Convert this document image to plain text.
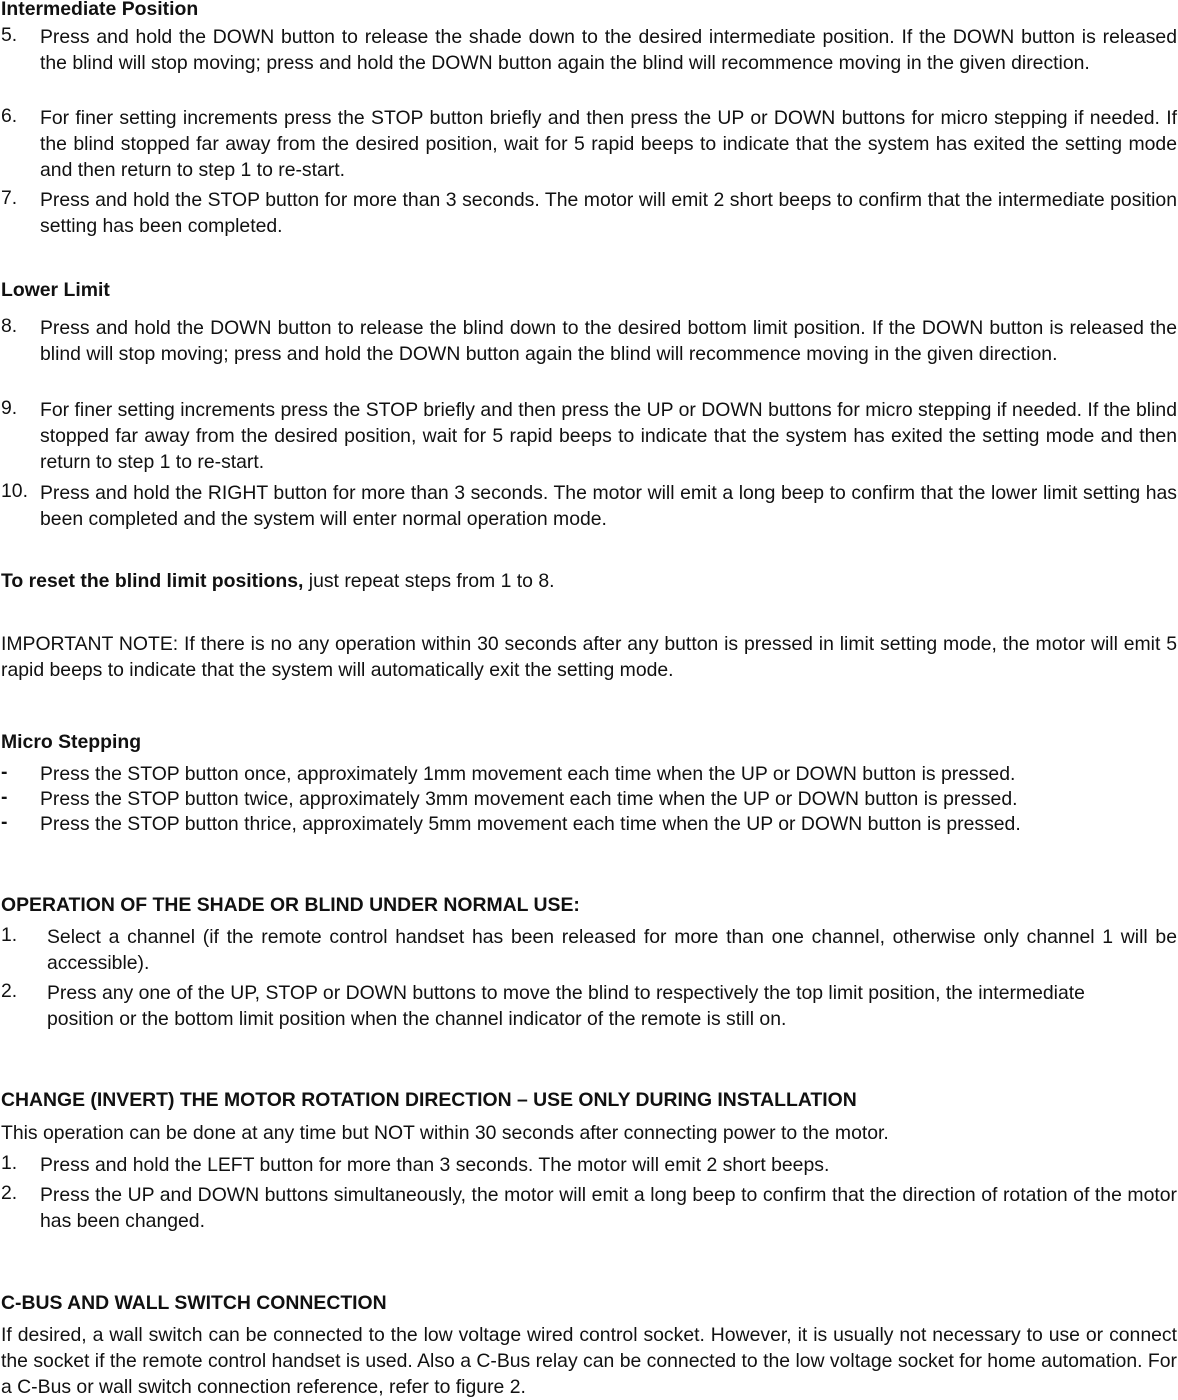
Intermediate Position
5. Press and hold the DOWN button to release the shade down to the desired intermediate position. If the DOWN button is released the blind will stop moving; press and hold the DOWN button again the blind will recommence moving in the given direction.
6. For finer setting increments press the STOP button briefly and then press the UP or DOWN buttons for micro stepping if needed. If the blind stopped far away from the desired position, wait for 5 rapid beeps to indicate that the system has exited the setting mode and then return to step 1 to re-start.
7. Press and hold the STOP button for more than 3 seconds. The motor will emit 2 short beeps to confirm that the intermediate position setting has been completed.
Lower Limit
8. Press and hold the DOWN button to release the blind down to the desired bottom limit position. If the DOWN button is released the blind will stop moving; press and hold the DOWN button again the blind will recommence moving in the given direction.
9. For finer setting increments press the STOP briefly and then press the UP or DOWN buttons for micro stepping if needed. If the blind stopped far away from the desired position, wait for 5 rapid beeps to indicate that the system has exited the setting mode and then return to step 1 to re-start.
10. Press and hold the RIGHT button for more than 3 seconds. The motor will emit a long beep to confirm that the lower limit setting has been completed and the system will enter normal operation mode.

To reset the blind limit positions, just repeat steps from 1 to 8.

IMPORTANT NOTE: If there is no any operation within 30 seconds after any button is pressed in limit setting mode, the motor will emit 5 rapid beeps to indicate that the system will automatically exit the setting mode.

Micro Stepping
- Press the STOP button once, approximately 1mm movement each time when the UP or DOWN button is pressed.
- Press the STOP button twice, approximately 3mm movement each time when the UP or DOWN button is pressed.
- Press the STOP button thrice, approximately 5mm movement each time when the UP or DOWN button is pressed.
OPERATION OF THE SHADE OR BLIND UNDER NORMAL USE:
1. Select a channel (if the remote control handset has been released for more than one channel, otherwise only channel 1 will be accessible).
2. Press any one of the UP, STOP or DOWN buttons to move the blind to respectively the top limit position, the intermediate position or the bottom limit position when the channel indicator of the remote is still on.
CHANGE (INVERT) THE MOTOR ROTATION DIRECTION – USE ONLY DURING INSTALLATION

This operation can be done at any time but NOT within 30 seconds after connecting power to the motor.

1. Press and hold the LEFT button for more than 3 seconds. The motor will emit 2 short beeps.
2. Press the UP and DOWN buttons simultaneously, the motor will emit a long beep to confirm that the direction of rotation of the motor has been changed.
C-BUS AND WALL SWITCH CONNECTION

If desired, a wall switch can be connected to the low voltage wired control socket. However, it is usually not necessary to use or connect the socket if the remote control handset is used. Also a C-Bus relay can be connected to the low voltage socket for home automation. For a C-Bus or wall switch connection reference, refer to figure 2.
